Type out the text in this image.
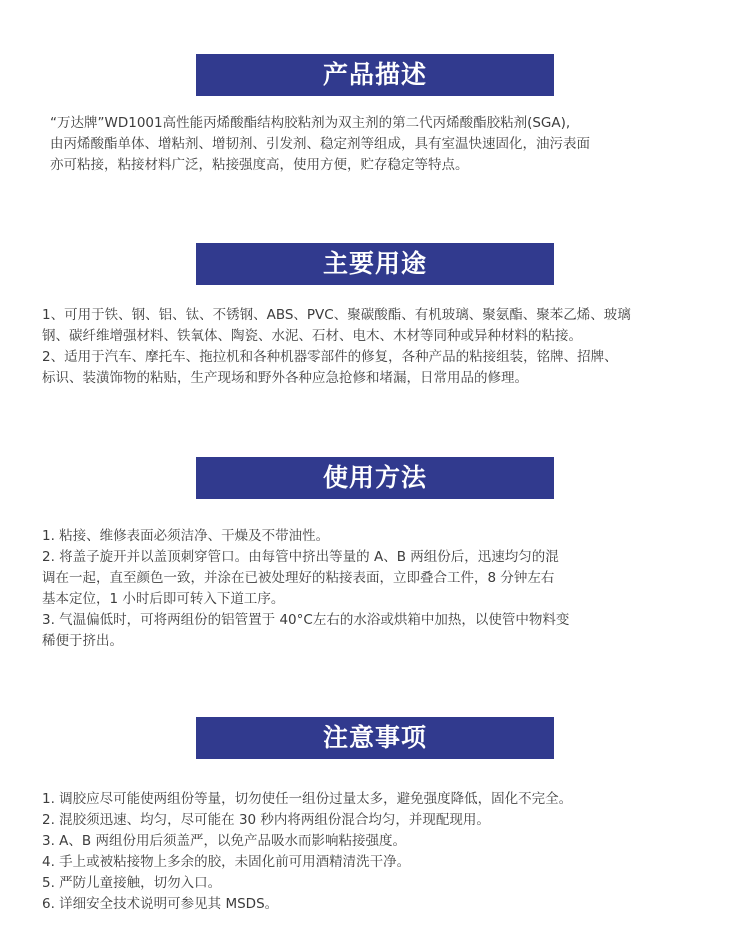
产品描述
“万达牌”WD1001高性能丙烯酸酯结构胶粘剂为双主剂的第二代丙烯酸酯胶粘剂(SGA),
由丙烯酸酯单体、增粘剂、增韧剂、引发剂、稳定剂等组成，具有室温快速固化，油污表面
亦可粘接，粘接材料广泛，粘接强度高，使用方便，贮存稳定等特点。
主要用途
1、可用于铁、钢、铝、钛、不锈钢、ABS、PVC、聚碳酸酯、有机玻璃、聚氨酯、聚苯乙烯、玻璃
钢、碳纤维增强材料、铁氧体、陶瓷、水泥、石材、电木、木材等同种或异种材料的粘接。
2、适用于汽车、摩托车、拖拉机和各种机器零部件的修复，各种产品的粘接组装，铭牌、招牌、
标识、装潢饰物的粘贴，生产现场和野外各种应急抢修和堵漏，日常用品的修理。
使用方法
1. 粘接、维修表面必须洁净、干燥及不带油性。
2. 将盖子旋开并以盖顶刺穿管口。由每管中挤出等量的 A、B 两组份后，迅速均匀的混
调在一起，直至颜色一致，并涂在已被处理好的粘接表面，立即叠合工件，8 分钟左右
基本定位，1 小时后即可转入下道工序。
3. 气温偏低时，可将两组份的铝管置于 40°C左右的水浴或烘箱中加热，以使管中物料变
稀便于挤出。
注意事项
1. 调胶应尽可能使两组份等量，切勿使任一组份过量太多，避免强度降低，固化不完全。
2. 混胶须迅速、均匀，尽可能在 30 秒内将两组份混合均匀，并现配现用。
3. A、B 两组份用后须盖严，以免产品吸水而影响粘接强度。
4. 手上或被粘接物上多余的胶，未固化前可用酒精清洗干净。
5. 严防儿童接触，切勿入口。
6. 详细安全技术说明可参见其 MSDS。
